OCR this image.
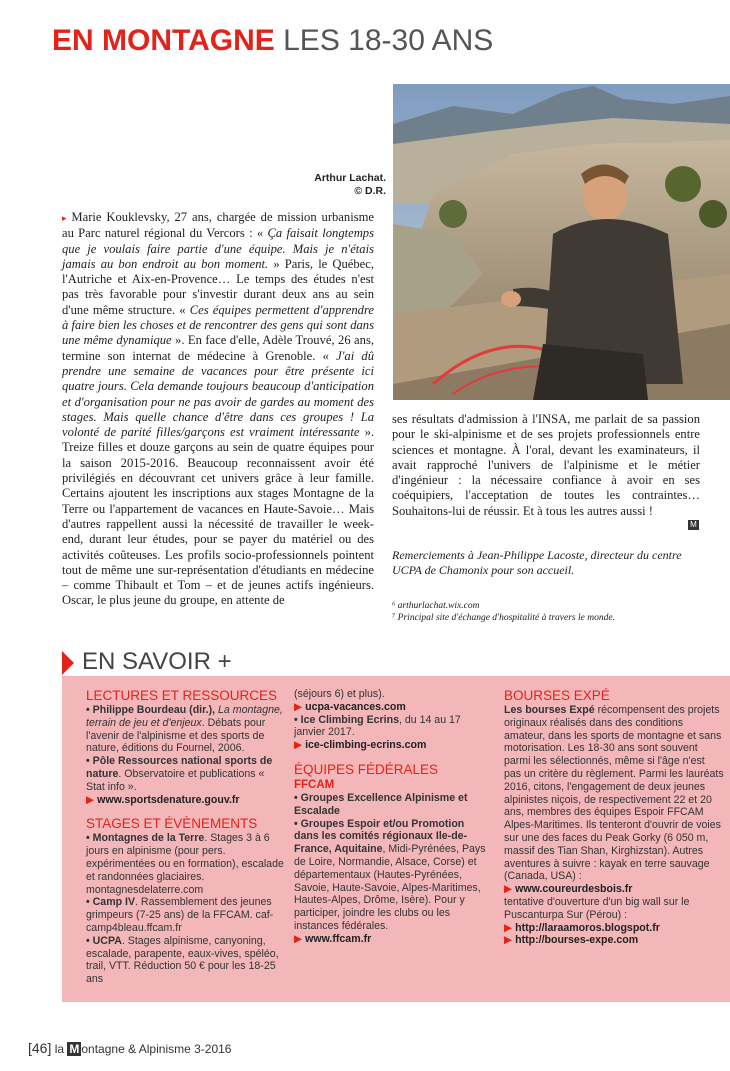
EN MONTAGNE LES 18-30 ANS
Arthur Lachat.
© D.R.

▸ Marie Kouklevsky, 27 ans, chargée de mission urbanisme au Parc naturel régional du Vercors : « Ça faisait longtemps que je voulais faire partie d'une équipe. Mais je n'étais jamais au bon endroit au bon moment. » Paris, le Québec, l'Autriche et Aix-en-Provence… Le temps des études n'est pas très favorable pour s'investir durant deux ans au sein d'une même structure. « Ces équipes permettent d'apprendre à faire bien les choses et de rencontrer des gens qui sont dans une même dynamique ». En face d'elle, Adèle Trouvé, 26 ans, termine son internat de médecine à Grenoble. « J'ai dû prendre une semaine de vacances pour être présente ici quatre jours. Cela demande toujours beaucoup d'anticipation et d'organisation pour ne pas avoir de gardes au moment des stages. Mais quelle chance d'être dans ces groupes ! La volonté de parité filles/garçons est vraiment intéressante ». Treize filles et douze garçons au sein de quatre équipes pour la saison 2015-2016. Beaucoup reconnaissent avoir été privilégiés en découvrant cet univers grâce à leur famille. Certains ajoutent les inscriptions aux stages Montagne de la Terre ou l'appartement de vacances en Haute-Savoie… Mais d'autres rappellent aussi la nécessité de travailler le week-end, durant leur études, pour se payer du matériel ou des activités coûteuses. Les profils socio-professionnels pointent tout de même une sur-représentation d'étudiants en médecine – comme Thibault et Tom – et de jeunes actifs ingénieurs. Oscar, le plus jeune du groupe, en attente de

ses résultats d'admission à l'INSA, me parlait de sa passion pour le ski-alpinisme et de ses projets professionnels entre sciences et montagne. À l'oral, devant les examinateurs, il avait rapproché l'univers de l'alpinisme et le métier d'ingénieur : la nécessaire confiance à avoir en ses coéquipiers, l'acceptation de toutes les contraintes… Souhaitons-lui de réussir. Et à tous les autres aussi !

M
Remerciements à Jean-Philippe Lacoste, directeur du centre UCPA de Chamonix pour son accueil.
⁶ arthurlachat.wix.com
⁷ Principal site d'échange d'hospitalité à travers le monde.
EN SAVOIR +
LECTURES ET RESSOURCES

• Philippe Bourdeau (dir.), La montagne, terrain de jeu et d'enjeux. Débats pour l'avenir de l'alpinisme et des sports de nature, éditions du Fournel, 2006.

• Pôle Ressources national sports de nature. Observatoire et publications « Stat info ».

▶ www.sportsdenature.gouv.fr

STAGES ET ÉVÈNEMENTS

• Montagnes de la Terre. Stages 3 à 6 jours en alpinisme (pour pers. expérimentées ou en formation), escalade et randonnées glaciaires. montagnesdelaterre.com

• Camp IV. Rassemblement des jeunes grimpeurs (7-25 ans) de la FFCAM. caf-camp4bleau.ffcam.fr

• UCPA. Stages alpinisme, canyoning, escalade, parapente, eaux-vives, spéléo, trail, VTT. Réduction 50 € pour les 18-25 ans

(séjours 6) et plus).

▶ ucpa-vacances.com

• Ice Climbing Ecrins, du 14 au 17 janvier 2017.

▶ ice-climbing-ecrins.com

ÉQUIPES FÉDÉRALES
FFCAM

• Groupes Excellence Alpinisme et Escalade

• Groupes Espoir et/ou Promotion dans les comités régionaux Ile-de-France, Aquitaine, Midi-Pyrénées, Pays de Loire, Normandie, Alsace, Corse) et départementaux (Hautes-Pyrénées, Savoie, Haute-Savoie, Alpes-Maritimes, Hautes-Alpes, Drôme, Isère). Pour y participer, joindre les clubs ou les instances fédérales.

▶ www.ffcam.fr

BOURSES EXPÉ

Les bourses Expé récompensent des projets originaux réalisés dans des conditions amateur, dans les sports de montagne et sans motorisation. Les 18-30 ans sont souvent parmi les sélectionnés, même si l'âge n'est pas un critère du règlement. Parmi les lauréats 2016, citons, l'engagement de deux jeunes alpinistes niçois, de respectivement 22 et 20 ans, membres des équipes Espoir FFCAM Alpes-Maritimes. Ils tenteront d'ouvrir de voies sur une des faces du Peak Gorky (6 050 m, massif des Tian Shan, Kirghizstan). Autres aventures à suivre : kayak en terre sauvage (Canada, USA) :

▶ www.coureurdesbois.fr

tentative d'ouverture d'un big wall sur le Puscanturpa Sur (Pérou) :

▶ http://laraamoros.blogspot.fr

▶ http://bourses-expe.com

[46] la M ontagne & Alpinisme 3-2016
